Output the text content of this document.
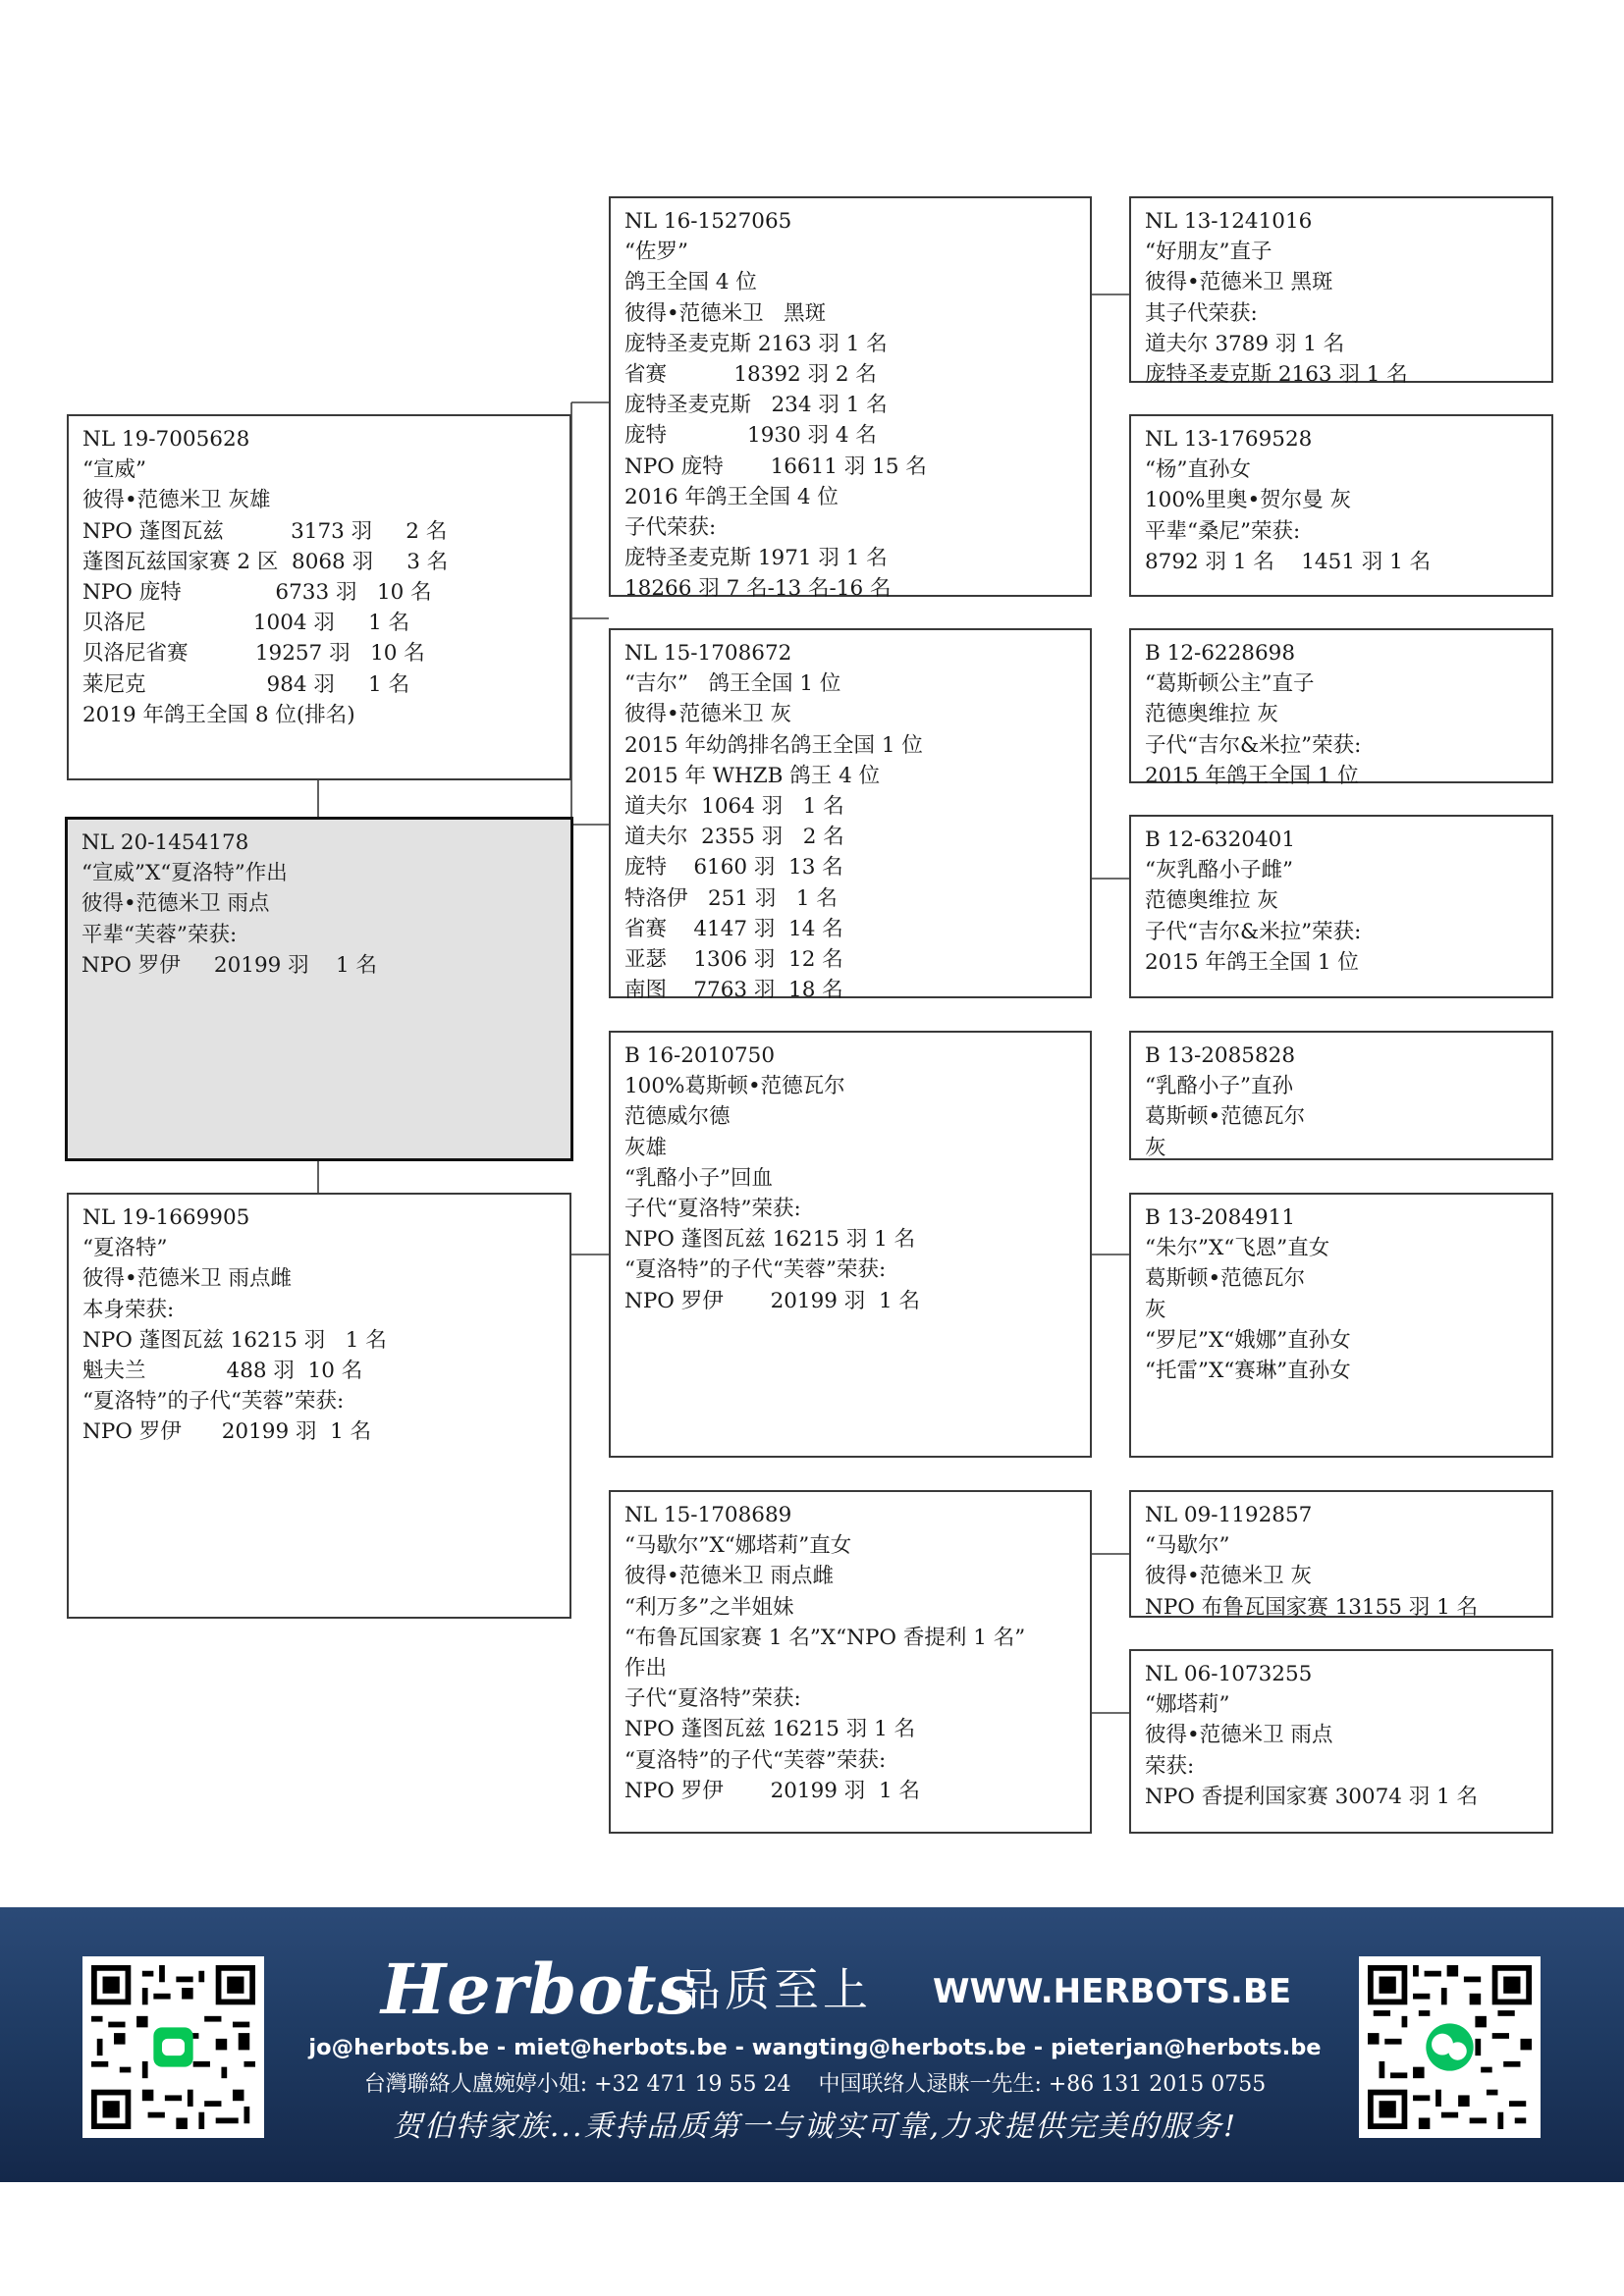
NL 19-7005628
“宣威”
彼得•范德米卫 灰雄
NPO 蓬图瓦兹          3173 羽     2 名
蓬图瓦兹国家赛 2 区  8068 羽     3 名
NPO 庞特              6733 羽   10 名
贝洛尼                1004 羽     1 名
贝洛尼省赛          19257 羽   10 名
莱尼克                  984 羽     1 名
2019 年鸽王全国 8 位(排名)
NL 20-1454178
“宣威”X“夏洛特”作出
彼得•范德米卫 雨点
平辈“芙蓉”荣获:
NPO 罗伊     20199 羽    1 名
NL 19-1669905
“夏洛特”
彼得•范德米卫 雨点雌
本身荣获:
NPO 蓬图瓦兹 16215 羽   1 名
魁夫兰            488 羽  10 名
“夏洛特”的子代“芙蓉”荣获:
NPO 罗伊      20199 羽  1 名
NL 16-1527065
“佐罗”
鸽王全国 4 位
彼得•范德米卫   黑斑
庞特圣麦克斯 2163 羽 1 名
省赛          18392 羽 2 名
庞特圣麦克斯   234 羽 1 名
庞特            1930 羽 4 名
NPO 庞特       16611 羽 15 名
2016 年鸽王全国 4 位
子代荣获:
庞特圣麦克斯 1971 羽 1 名
18266 羽 7 名-13 名-16 名
NL 15-1708672
“吉尔”   鸽王全国 1 位
彼得•范德米卫 灰
2015 年幼鸽排名鸽王全国 1 位
2015 年 WHZB 鸽王 4 位
道夫尔  1064 羽   1 名
道夫尔  2355 羽   2 名
庞特    6160 羽  13 名
特洛伊   251 羽   1 名
省赛    4147 羽  14 名
亚瑟    1306 羽  12 名
南图    7763 羽  18 名
B 16-2010750
100%葛斯顿•范德瓦尔
范德威尔德
灰雄
“乳酪小子”回血
子代“夏洛特”荣获:
NPO 蓬图瓦兹 16215 羽 1 名
“夏洛特”的子代“芙蓉”荣获:
NPO 罗伊       20199 羽  1 名
NL 15-1708689
“马歇尔”X“娜塔莉”直女
彼得•范德米卫 雨点雌
“利万多”之半姐妹
“布鲁瓦国家赛 1 名”X“NPO 香提利 1 名”
作出
子代“夏洛特”荣获:
NPO 蓬图瓦兹 16215 羽 1 名
“夏洛特”的子代“芙蓉”荣获:
NPO 罗伊       20199 羽  1 名
NL 13-1241016
“好朋友”直子
彼得•范德米卫 黑斑
其子代荣获:
道夫尔 3789 羽 1 名
庞特圣麦克斯 2163 羽 1 名
NL 13-1769528
“杨”直孙女
100%里奥•贺尔曼 灰
平辈“桑尼”荣获:
8792 羽 1 名    1451 羽 1 名
B 12-6228698
“葛斯顿公主”直子
范德奥维拉 灰
子代“吉尔&米拉”荣获:
2015 年鸽王全国 1 位
B 12-6320401
“灰乳酪小子雌”
范德奥维拉 灰
子代“吉尔&米拉”荣获:
2015 年鸽王全国 1 位
B 13-2085828
“乳酪小子”直孙
葛斯顿•范德瓦尔
灰
B 13-2084911
“朱尔”X“飞恩”直女
葛斯顿•范德瓦尔
灰
“罗尼”X“娥娜”直孙女
“托雷”X“赛琳”直孙女
NL 09-1192857
“马歇尔”
彼得•范德米卫 灰
NPO 布鲁瓦国家赛 13155 羽 1 名
NL 06-1073255
“娜塔莉”
彼得•范德米卫 雨点
荣获:
NPO 香提利国家赛 30074 羽 1 名
Herbots
品质至上 WWW.HERBOTS.BE
jo@herbots.be - miet@herbots.be - wangting@herbots.be - pieterjan@herbots.be
台灣聯絡人盧婉婷小姐: +32 471 19 55 24    中国联络人逯睐一先生: +86 131 2015 0755
贺伯特家族...秉持品质第一与诚实可靠,力求提供完美的服务!
